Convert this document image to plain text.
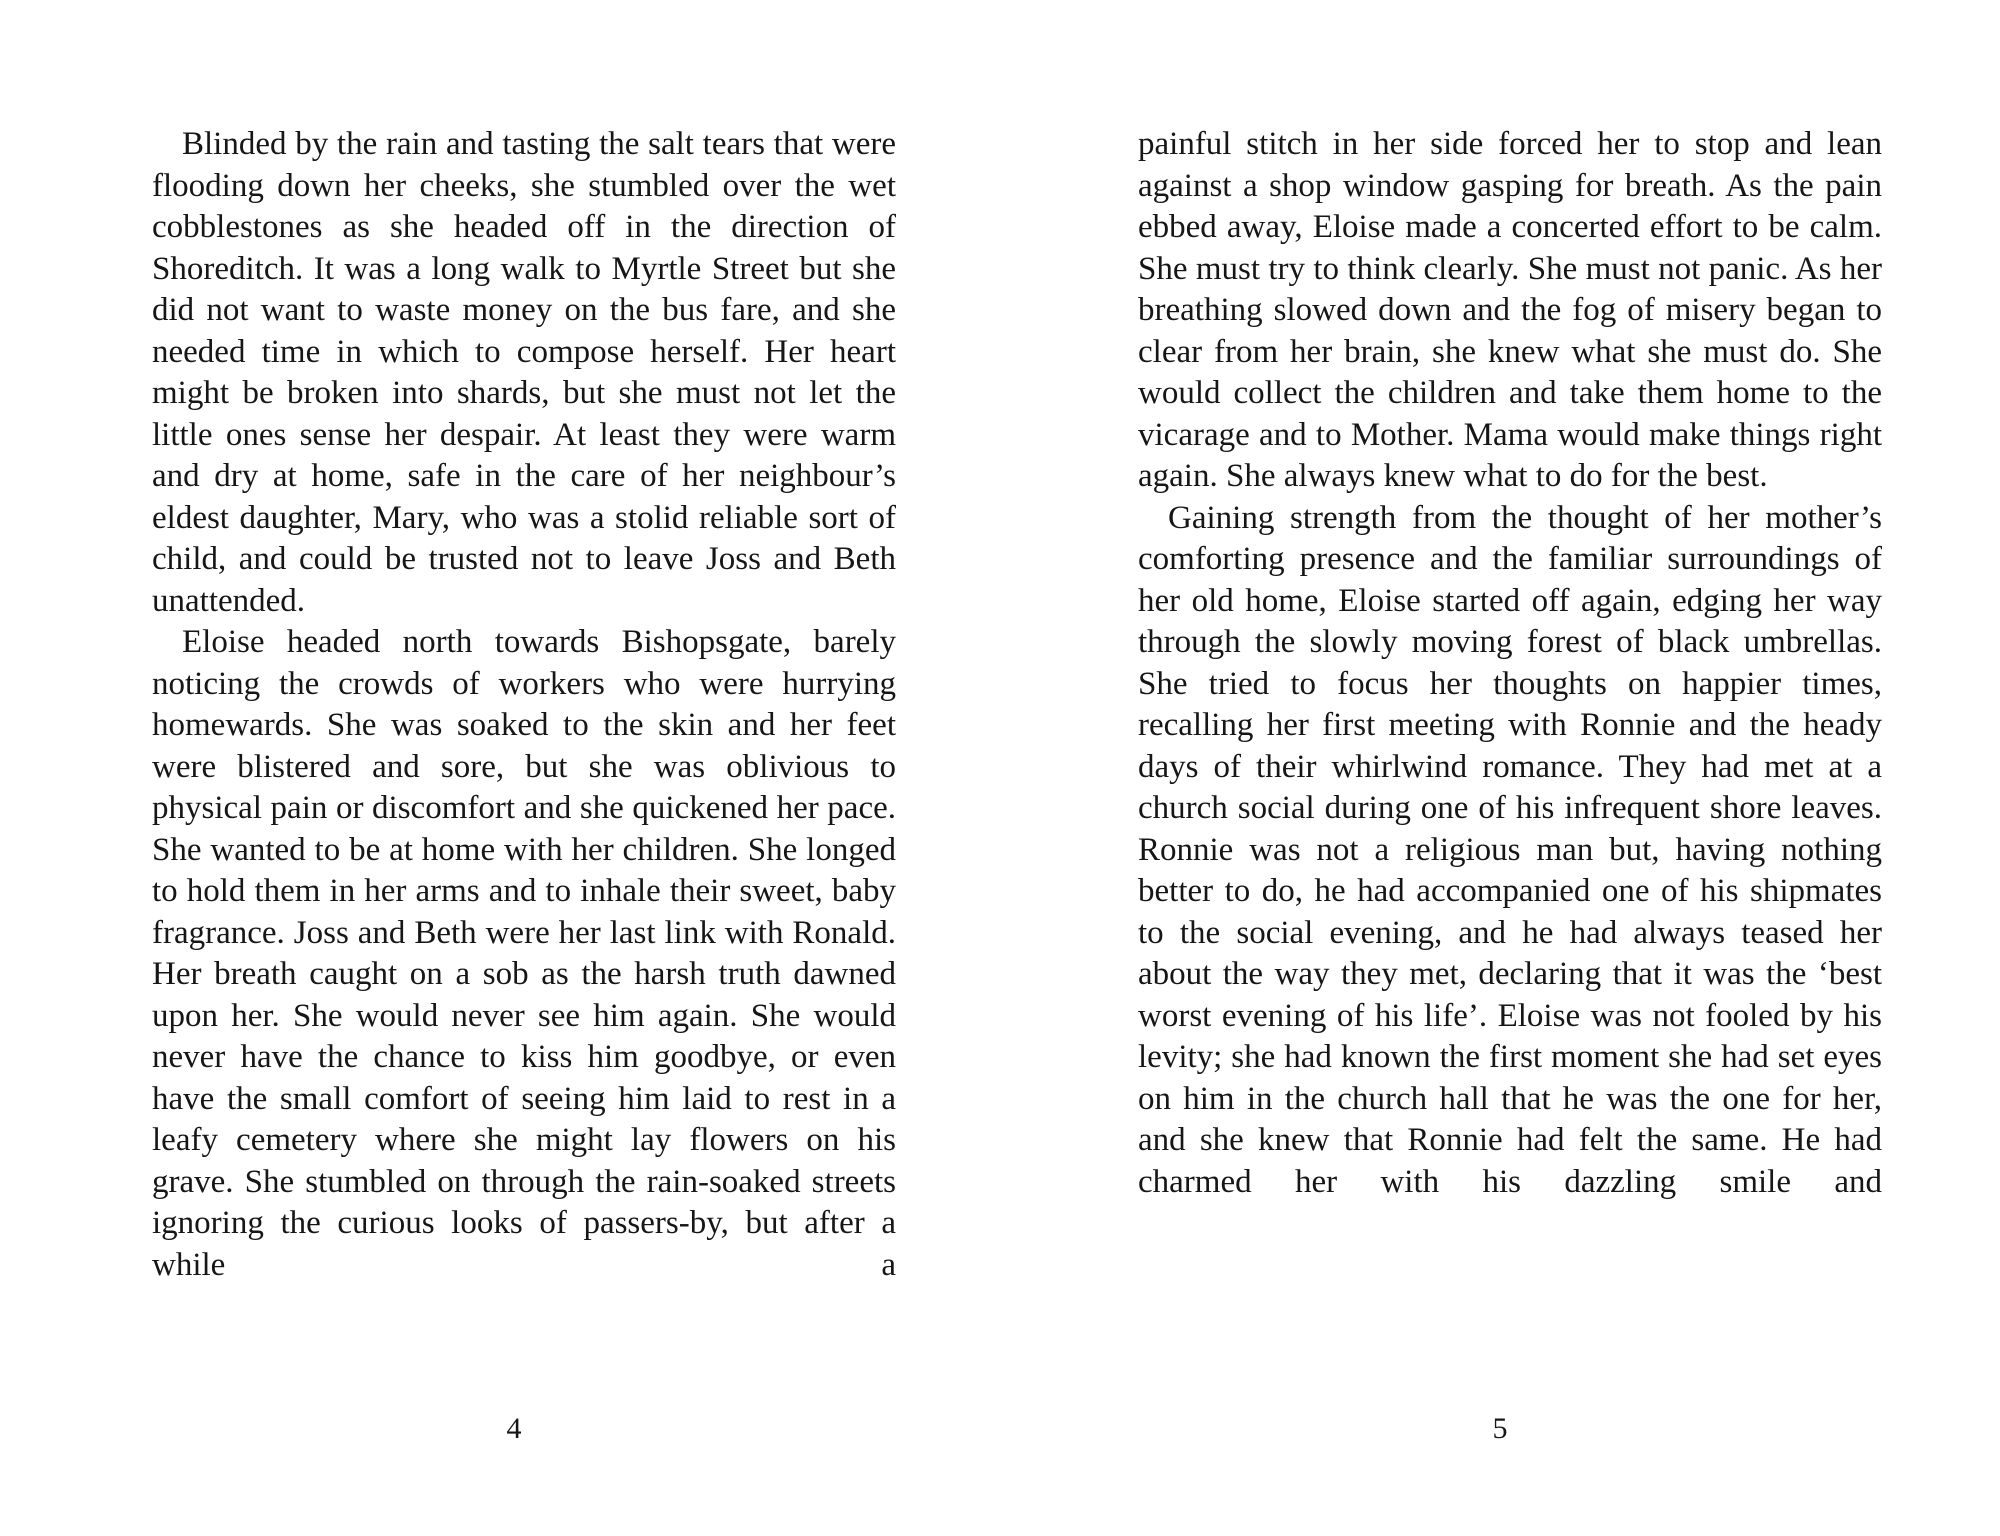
Blinded by the rain and tasting the salt tears that were flooding down her cheeks, she stumbled over the wet cobblestones as she headed off in the direction of Shoreditch. It was a long walk to Myrtle Street but she did not want to waste money on the bus fare, and she needed time in which to compose herself. Her heart might be broken into shards, but she must not let the little ones sense her despair. At least they were warm and dry at home, safe in the care of her neighbour’s eldest daughter, Mary, who was a stolid reliable sort of child, and could be trusted not to leave Joss and Beth unattended.

Eloise headed north towards Bishopsgate, barely noticing the crowds of workers who were hurrying homewards. She was soaked to the skin and her feet were blistered and sore, but she was oblivious to physical pain or discomfort and she quickened her pace. She wanted to be at home with her children. She longed to hold them in her arms and to inhale their sweet, baby fragrance. Joss and Beth were her last link with Ronald. Her breath caught on a sob as the harsh truth dawned upon her. She would never see him again. She would never have the chance to kiss him goodbye, or even have the small comfort of seeing him laid to rest in a leafy cemetery where she might lay flowers on his grave. She stumbled on through the rain-soaked streets ignoring the curious looks of passers-by, but after a while a

painful stitch in her side forced her to stop and lean against a shop window gasping for breath. As the pain ebbed away, Eloise made a concerted effort to be calm. She must try to think clearly. She must not panic. As her breathing slowed down and the fog of misery began to clear from her brain, she knew what she must do. She would collect the children and take them home to the vicarage and to Mother. Mama would make things right again. She always knew what to do for the best.

Gaining strength from the thought of her mother’s comforting presence and the familiar surroundings of her old home, Eloise started off again, edging her way through the slowly moving forest of black umbrellas. She tried to focus her thoughts on happier times, recalling her first meeting with Ronnie and the heady days of their whirlwind romance. They had met at a church social during one of his infrequent shore leaves. Ronnie was not a religious man but, having nothing better to do, he had accompanied one of his shipmates to the social evening, and he had always teased her about the way they met, declaring that it was the ‘best worst evening of his life’. Eloise was not fooled by his levity; she had known the first moment she had set eyes on him in the church hall that he was the one for her, and she knew that Ronnie had felt the same. He had charmed her with his dazzling smile and

4	5
